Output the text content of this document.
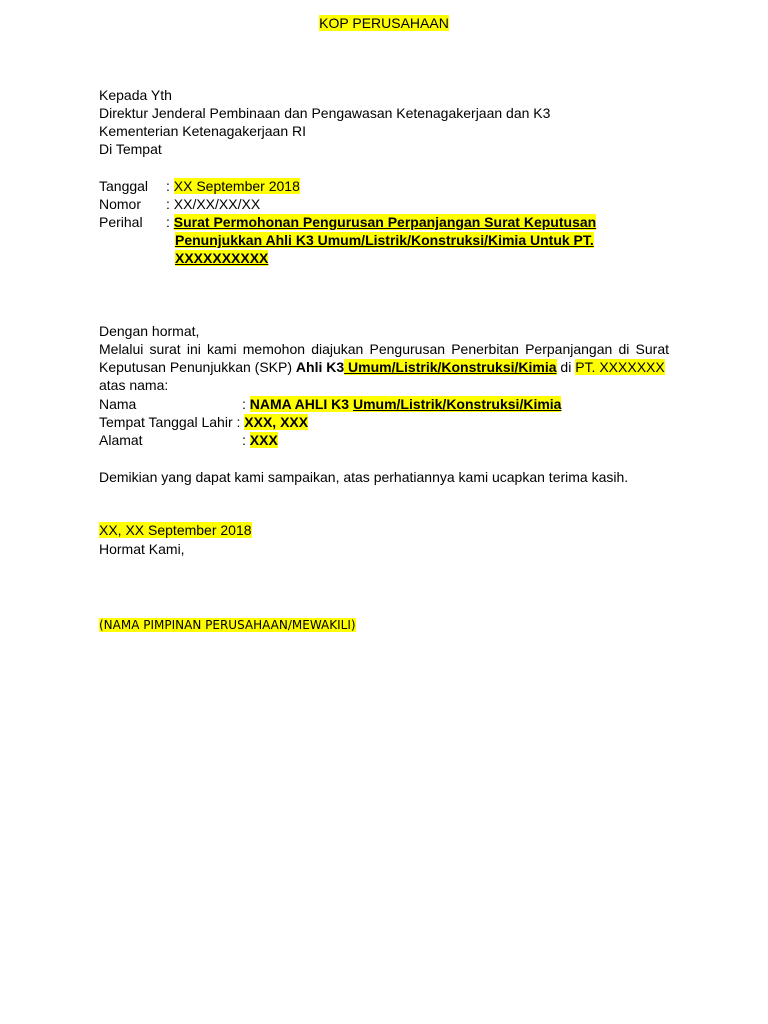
KOP PERUSAHAAN
Kepada Yth
Direktur Jenderal Pembinaan dan Pengawasan Ketenagakerjaan dan K3
Kementerian Ketenagakerjaan RI
Di Tempat
Tanggal : XX September 2018
Nomor : XX/XX/XX/XX
Perihal : Surat Permohonan Pengurusan Perpanjangan Surat Keputusan
Penunjukkan Ahli K3 Umum/Listrik/Konstruksi/Kimia Untuk PT.
XXXXXXXXXX
Dengan hormat,
Melalui surat ini kami memohon diajukan Pengurusan Penerbitan Perpanjangan di Surat Keputusan Penunjukkan (SKP) Ahli K3 Umum/Listrik/Konstruksi/Kimia di PT. XXXXXXX
atas nama:
Nama	: NAMA AHLI K3 Umum/Listrik/Konstruksi/Kimia
Tempat Tanggal Lahir : XXX, XXX
Alamat	: XXX
Demikian yang dapat kami sampaikan, atas perhatiannya kami ucapkan terima kasih.
XX, XX September 2018
Hormat Kami,
(NAMA PIMPINAN PERUSAHAAN/MEWAKILI)
